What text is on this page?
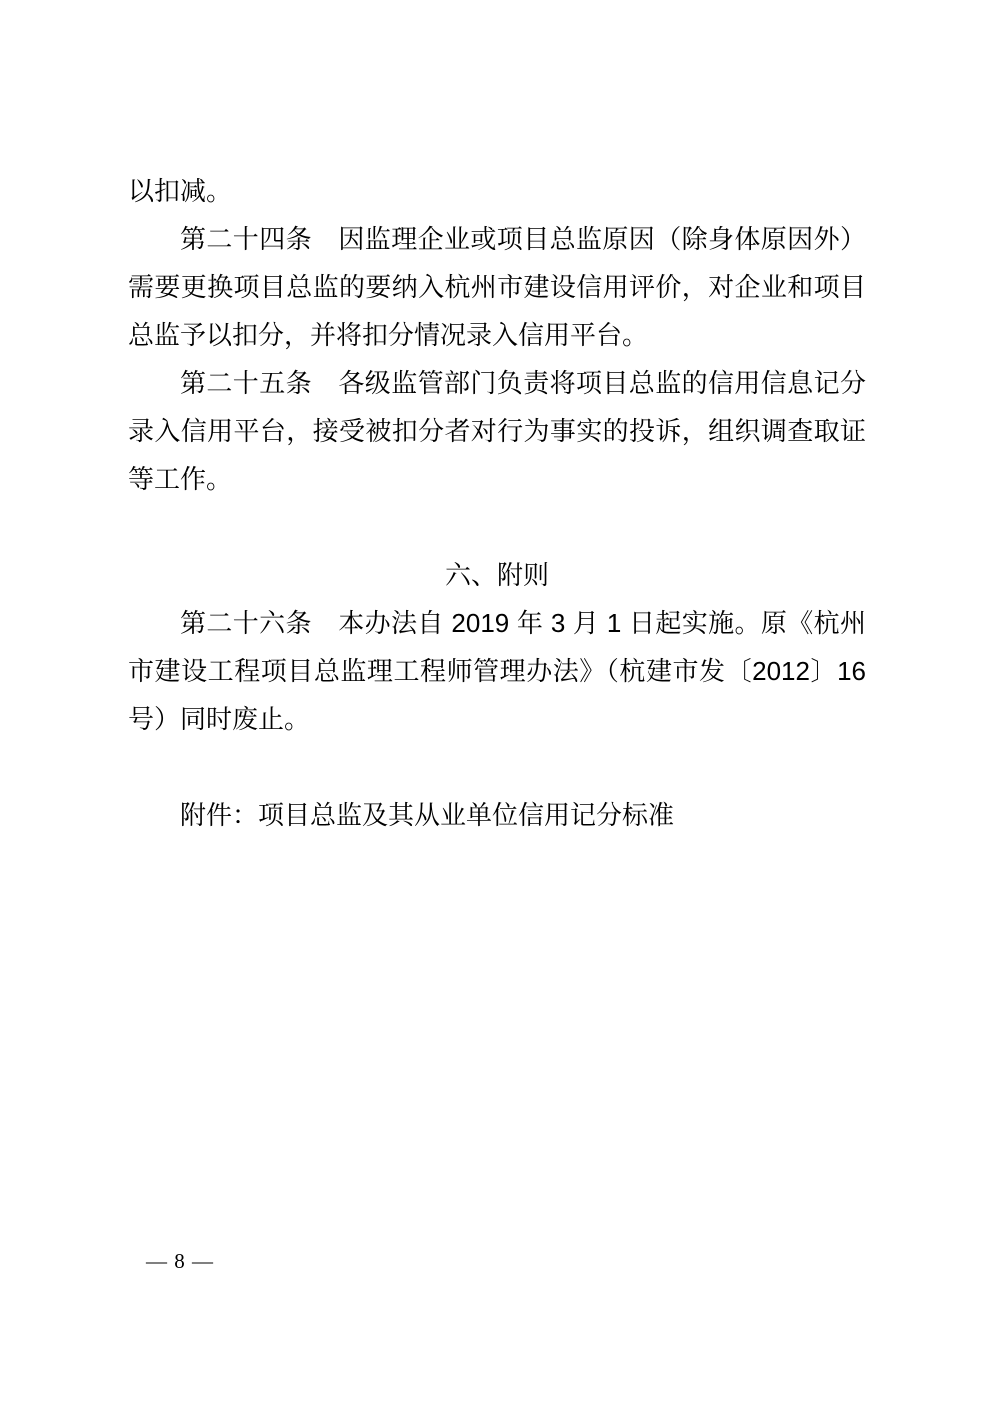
以扣减。

第二十四条　因监理企业或项目总监原因（除身体原因外）需要更换项目总监的要纳入杭州市建设信用评价，对企业和项目总监予以扣分，并将扣分情况录入信用平台。

第二十五条　各级监管部门负责将项目总监的信用信息记分录入信用平台，接受被扣分者对行为事实的投诉，组织调查取证等工作。

六、附则

第二十六条　本办法自 2019 年 3 月 1 日起实施。原《杭州市建设工程项目总监理工程师管理办法》（杭建市发〔2012〕16 号）同时废止。

附件：项目总监及其从业单位信用记分标准

— 8 —
